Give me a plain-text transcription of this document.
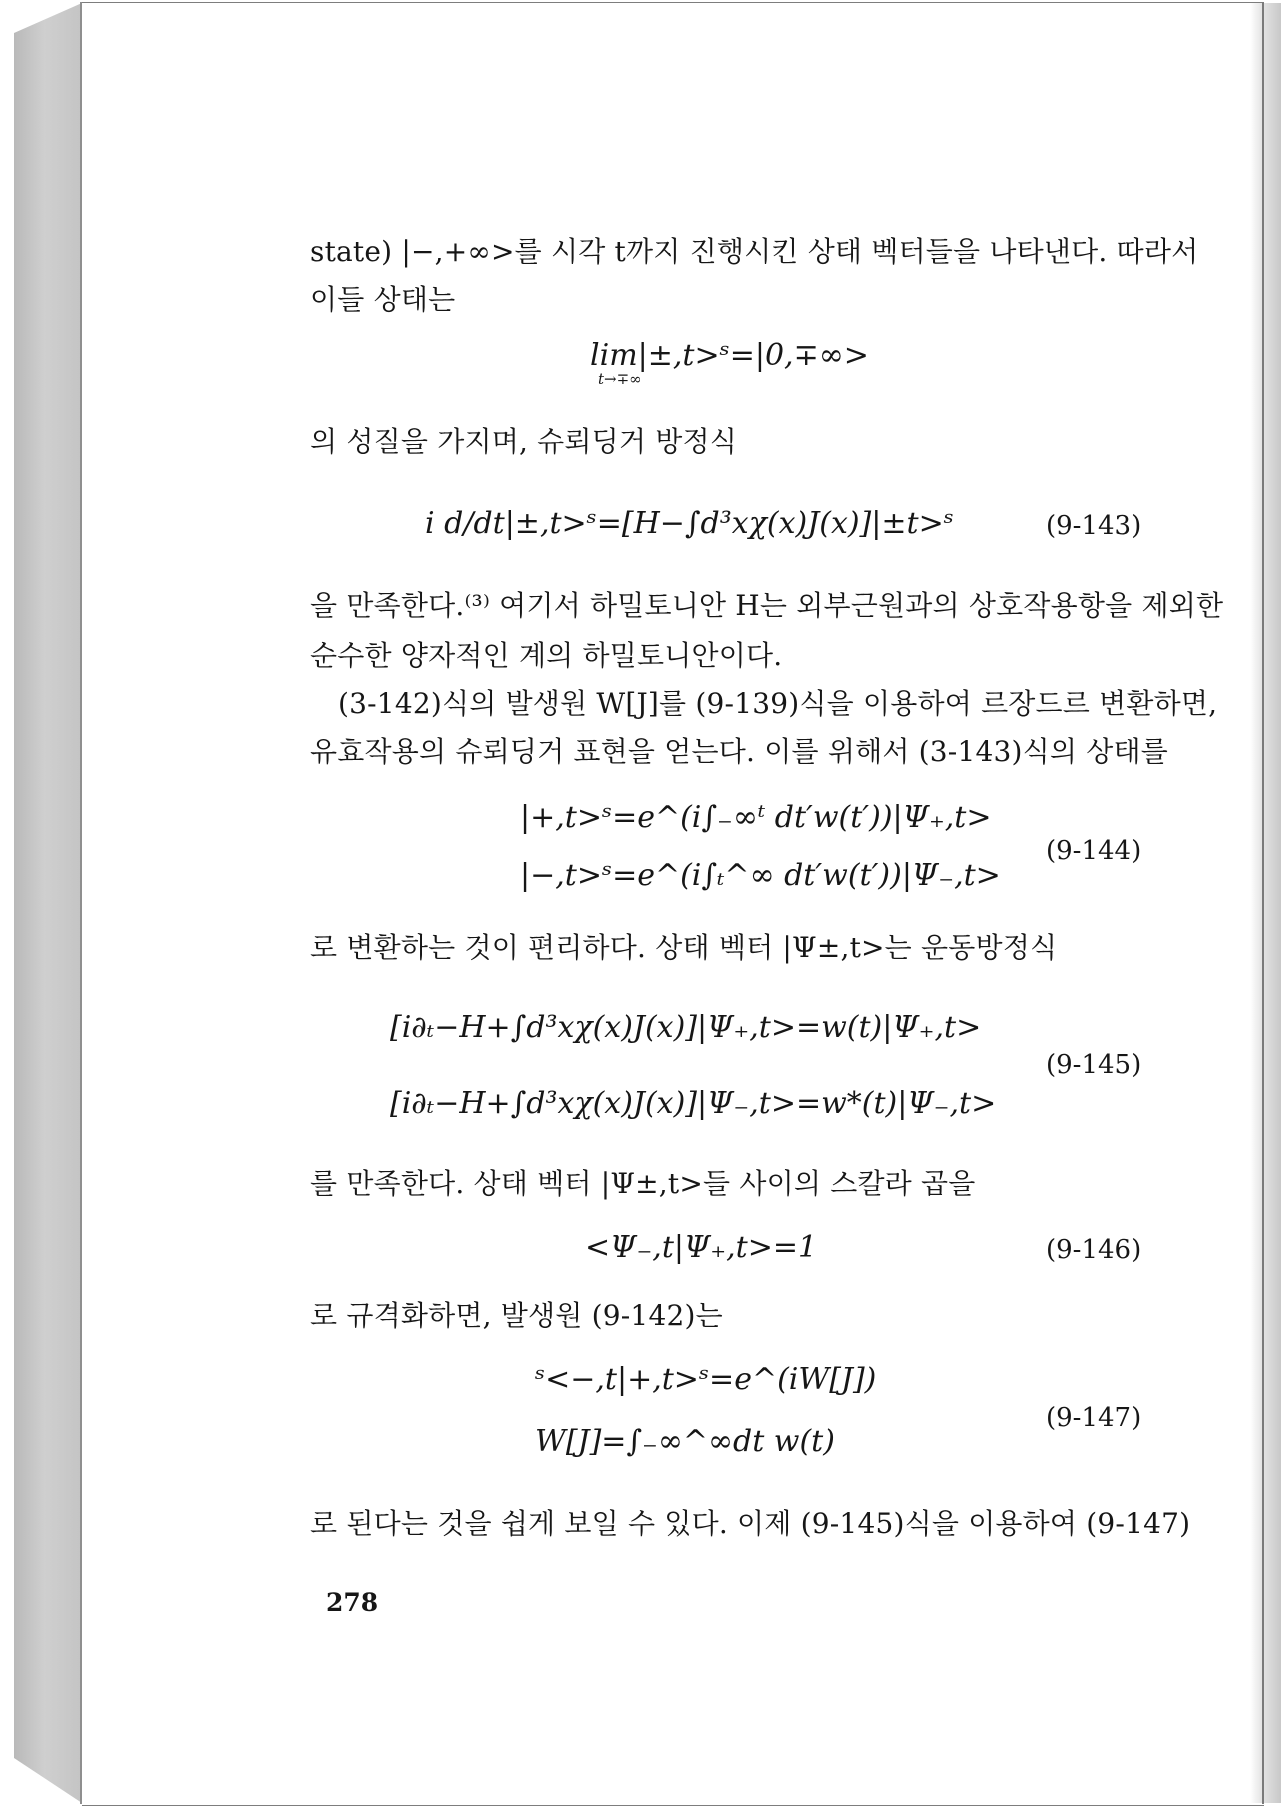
state) |−,+∞>를 시각 t까지 진행시킨 상태 벡터들을 나타낸다. 따라서
이들 상태는
lim|±,t>ˢ=|0,∓∞>
t→∓∞
의 성질을 가지며, 슈뢰딩거 방정식
i d/dt|±,t>ˢ=[H−∫d³xχ(x)J(x)]|±t>ˢ	(9-143)
을 만족한다.⁽³⁾ 여기서 하밀토니안 H는 외부근원과의 상호작용항을 제외한
순수한 양자적인 계의 하밀토니안이다.
(3-142)식의 발생원 W[J]를 (9-139)식을 이용하여 르장드르 변환하면,
유효작용의 슈뢰딩거 표현을 얻는다. 이를 위해서 (3-143)식의 상태를
|+,t>ˢ=e^(i∫₋∞ᵗ dt′w(t′))|Ψ₊,t>
|−,t>ˢ=e^(i∫ₜ^∞ dt′w(t′))|Ψ₋,t>
(9-144)
로 변환하는 것이 편리하다. 상태 벡터 |Ψ±,t>는 운동방정식
[i∂ₜ−H+∫d³xχ(x)J(x)]|Ψ₊,t>=w(t)|Ψ₊,t>
[i∂ₜ−H+∫d³xχ(x)J(x)]|Ψ₋,t>=w*(t)|Ψ₋,t>
(9-145)
를 만족한다. 상태 벡터 |Ψ±,t>들 사이의 스칼라 곱을
<Ψ₋,t|Ψ₊,t>=1	(9-146)
로 규격화하면, 발생원 (9-142)는
ˢ<−,t|+,t>ˢ=e^(iW[J])
W[J]=∫₋∞^∞dt w(t)
(9-147)
로 된다는 것을 쉽게 보일 수 있다. 이제 (9-145)식을 이용하여 (9-147)
278
